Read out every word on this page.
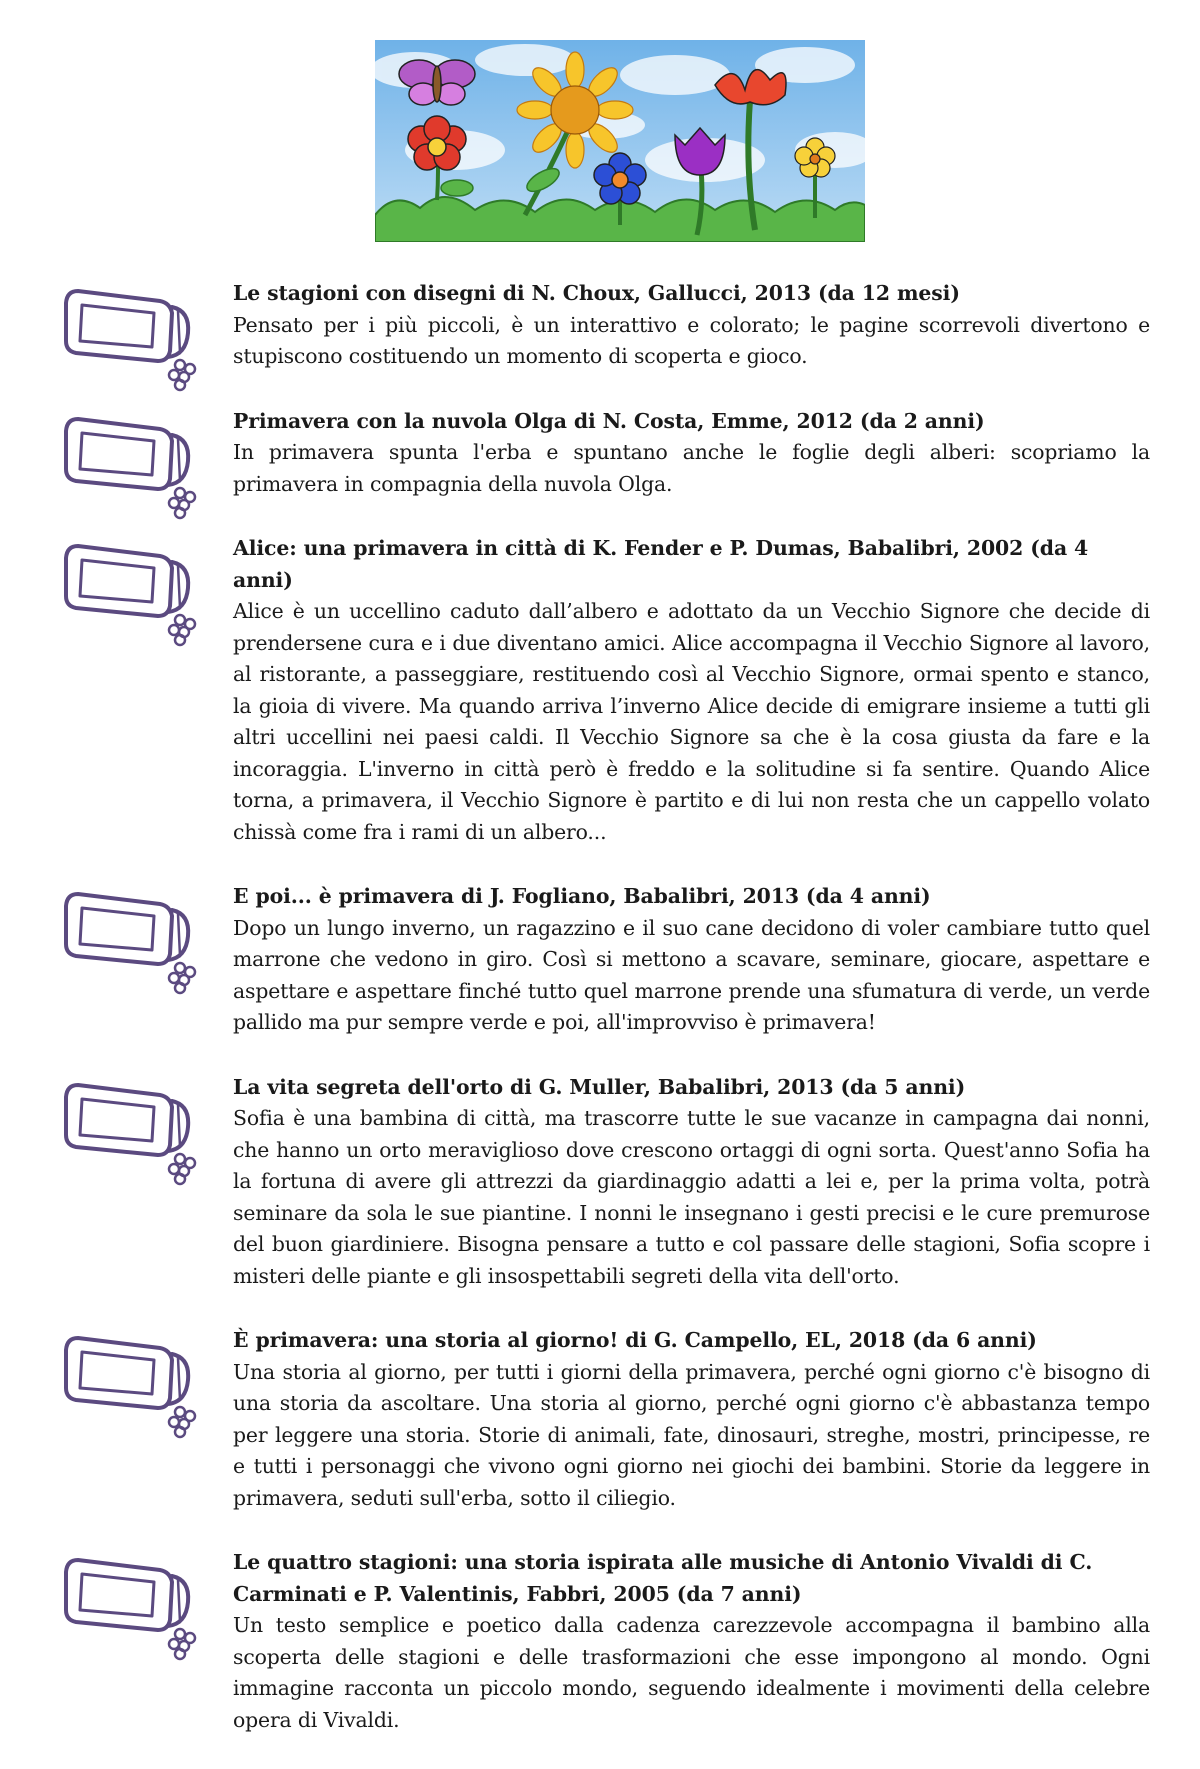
Le stagioni con disegni di N. Choux, Gallucci, 2013 (da 12 mesi)

Pensato per i più piccoli, è un interattivo e colorato; le pagine scorrevoli divertono e stupiscono costituendo un momento di scoperta e gioco.

Primavera con la nuvola Olga di N. Costa, Emme, 2012 (da 2 anni)

In primavera spunta l'erba e spuntano anche le foglie degli alberi: scopriamo la primavera in compagnia della nuvola Olga.

Alice: una primavera in città di K. Fender e P. Dumas, Babalibri, 2002 (da 4 anni)

Alice è un uccellino caduto dall’albero e adottato da un Vecchio Signore che decide di prendersene cura e i due diventano amici. Alice accompagna il Vecchio Signore al lavoro, al ristorante, a passeggiare, restituendo così al Vecchio Signore, ormai spento e stanco, la gioia di vivere. Ma quando arriva l’inverno Alice decide di emigrare insieme a tutti gli altri uccellini nei paesi caldi. Il Vecchio Signore sa che è la cosa giusta da fare e la incoraggia. L'inverno in città però è freddo e la solitudine si fa sentire. Quando Alice torna, a primavera, il Vecchio Signore è partito e di lui non resta che un cappello volato chissà come fra i rami di un albero...

E poi... è primavera di J. Fogliano, Babalibri, 2013 (da 4 anni)

Dopo un lungo inverno, un ragazzino e il suo cane decidono di voler cambiare tutto quel marrone che vedono in giro. Così si mettono a scavare, seminare, giocare, aspettare e aspettare e aspettare finché tutto quel marrone prende una sfumatura di verde, un verde pallido ma pur sempre verde e poi, all'improvviso è primavera!

La vita segreta dell'orto di G. Muller, Babalibri, 2013 (da 5 anni)

Sofia è una bambina di città, ma trascorre tutte le sue vacanze in campagna dai nonni, che hanno un orto meraviglioso dove crescono ortaggi di ogni sorta. Quest'anno Sofia ha la fortuna di avere gli attrezzi da giardinaggio adatti a lei e, per la prima volta, potrà seminare da sola le sue piantine. I nonni le insegnano i gesti precisi e le cure premurose del buon giardiniere. Bisogna pensare a tutto e col passare delle stagioni, Sofia scopre i misteri delle piante e gli insospettabili segreti della vita dell'orto.

È primavera: una storia al giorno! di G. Campello, EL, 2018 (da 6 anni)

Una storia al giorno, per tutti i giorni della primavera, perché ogni giorno c'è bisogno di una storia da ascoltare. Una storia al giorno, perché ogni giorno c'è abbastanza tempo per leggere una storia. Storie di animali, fate, dinosauri, streghe, mostri, principesse, re e tutti i personaggi che vivono ogni giorno nei giochi dei bambini. Storie da leggere in primavera, seduti sull'erba, sotto il ciliegio.

Le quattro stagioni: una storia ispirata alle musiche di Antonio Vivaldi di C. Carminati e P. Valentinis, Fabbri, 2005 (da 7 anni)

Un testo semplice e poetico dalla cadenza carezzevole accompagna il bambino alla scoperta delle stagioni e delle trasformazioni che esse impongono al mondo. Ogni immagine racconta un piccolo mondo, seguendo idealmente i movimenti della celebre opera di Vivaldi.
